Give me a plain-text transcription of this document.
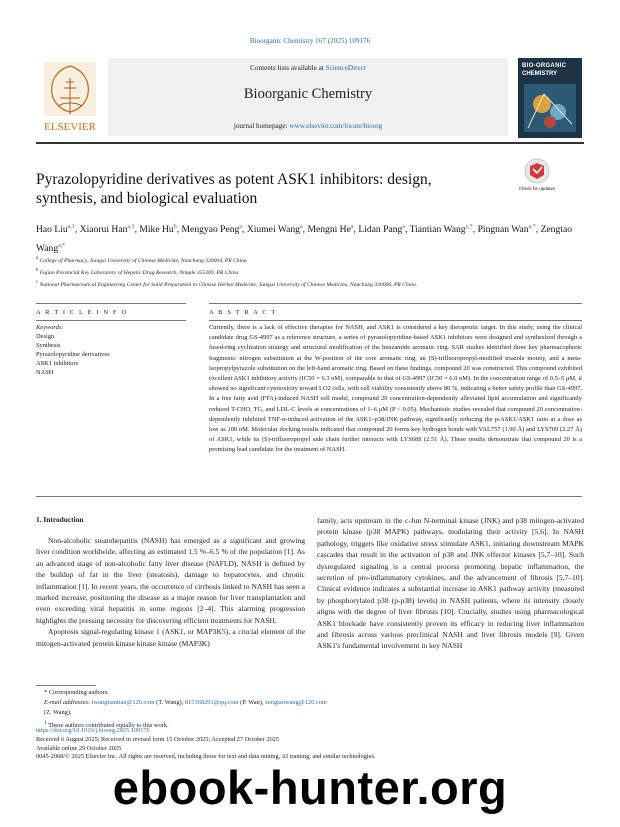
Bioorganic Chemistry 167 (2025) 109176
ELSEVIER
Contents lists available at ScienceDirect
Bioorganic Chemistry
journal homepage: www.elsevier.com/locate/bioorg
BIO-ORGANIC
CHEMISTRY
Pyrazolopyridine derivatives as potent ASK1 inhibitors: design, synthesis, and biological evaluation
Check for updates
Hao Liu$^{a,1}$, Xiaorui Han$^{a,1}$, Mike Hu$^b$, Mengyao Peng$^a$, Xiumei Wang$^a$, Mengni He$^a$, Lidan Pang$^a$, Tiantian Wang$^{c,*}$, Pingnan Wan$^{a,*}$, Zengtao Wang$^{a,*}$
$^a$ College of Pharmacy, Jiangxi University of Chinese Medicine, Nanchang 330004, PR China
$^b$ Fujian Provincial Key Laboratory of Hepatic Drug Research, Ningde 355300, PR China
$^c$ National Pharmaceutical Engineering Center for Solid Preparation in Chinese Herbal Medicine, Jiangxi University of Chinese Medicine, Nanchang 330006, PR China.
A R T I C L E I N F O	A B S T R A C T
Keywords:
Design
Synthesis
Pyrazolopyridine derivatives
ASK1 inhibitors
NASH
Currently, there is a lack of effective therapies for NASH, and ASK1 is considered a key therapeutic target. In this study, using the clinical candidate drug GS-4997 as a reference structure, a series of pyrazolopyridine-based ASK1 inhibitors were designed and synthesized through a fused-ring cyclization strategy and structural modification of the benzamide aromatic ring. SAR studies identified three key pharmacophoric fragments: nitrogen substitution at the W-position of the core aromatic ring, an (S)-trifluoropropyl-modified triazole moiety, and a meta-isopropylpyrazole substitution on the left-hand aromatic ring. Based on these findings, compound 20 was constructed. This compound exhibited excellent ASK1 inhibitory activity (IC50 = 6.3 nM), comparable to that of GS-4997 (IC50 = 6.0 nM). In the concentration range of 0.5–5 μM, it showed no significant cytotoxicity toward LO2 cells, with cell viability consistently above 80 %, indicating a better safety profile than GS-4997. In a free fatty acid (FFA)-induced NASH cell model, compound 20 concentration-dependently alleviated lipid accumulation and significantly reduced T-CHO, TG, and LDL-C levels at concentrations of 1–6 μM (P < 0.05). Mechanistic studies revealed that compound 20 concentration-dependently inhibited TNF-α-induced activation of the ASK1–p38/JNK pathway, significantly reducing the p-ASK1/ASK1 ratio at a dose as low as 100 nM. Molecular docking results indicated that compound 20 forms key hydrogen bonds with VAL757 (1.90 Å) and LYS709 (2.27 Å) of ASK1, while its (S)-trifluoropropyl side chain further interacts with LYS688 (2.51 Å). These results demonstrate that compound 20 is a promising lead candidate for the treatment of NASH.
1. Introduction

Non-alcoholic steatohepatitis (NASH) has emerged as a significant and growing liver condition worldwide, affecting an estimated 1.5 %–6.5 % of the population [1]. As an advanced stage of non-alcoholic fatty liver disease (NAFLD), NASH is defined by the buildup of fat in the liver (steatosis), damage to hepatocytes, and chronic inflammation [1]. In recent years, the occurrence of cirrhosis linked to NASH has seen a marked increase, positioning the disease as a major reason for liver transplantation and even exceeding viral hepatitis in some regions [2–4]. This alarming progression highlights the pressing necessity for discovering efficient treatments for NASH.

Apoptosis signal-regulating kinase 1 (ASK1, or MAP3K5), a crucial element of the mitogen-activated protein kinase kinase kinase (MAP3K)

family, acts upstream in the c-Jun N-terminal kinase (JNK) and p38 mitogen-activated protein kinase (p38 MAPK) pathways, modulating their activity [5,6]. In NASH pathology, triggers like oxidative stress stimulate ASK1, initiating downstream MAPK cascades that result in the activation of p38 and JNK effector kinases [5,7–10]. Such dysregulated signaling is a central process promoting hepatic inflammation, the secretion of pro-inflammatory cytokines, and the advancement of fibrosis [5,7–10]. Clinical evidence indicates a substantial increase in ASK1 pathway activity (measured by phosphorylated p38 (p-p38) levels) in NASH patients, where its intensity closely aligns with the degree of liver fibrosis [10]. Crucially, studies using pharmacological ASK1 blockade have consistently proven its efficacy in reducing liver inflammation and fibrosis across various preclinical NASH and liver fibrosis models [9]. Given ASK1's fundamental involvement in key NASH

* Corresponding authors.
E-mail addresses: iwangtiantian@126.com (T. Wang), 815368291@qq.com (P. Wan), zengtaowang@126.com (Z. Wang).
$^1$ These authors contributed equally to this work.
https://doi.org/10.1016/j.bioorg.2025.109176
Received 6 August 2025; Received in revised form 15 October 2025; Accepted 27 October 2025
Available online 29 October 2025
0045-2068/© 2025 Elsevier Inc. All rights are reserved, including those for text and data mining, AI training, and similar technologies.
ebook-hunter.org
